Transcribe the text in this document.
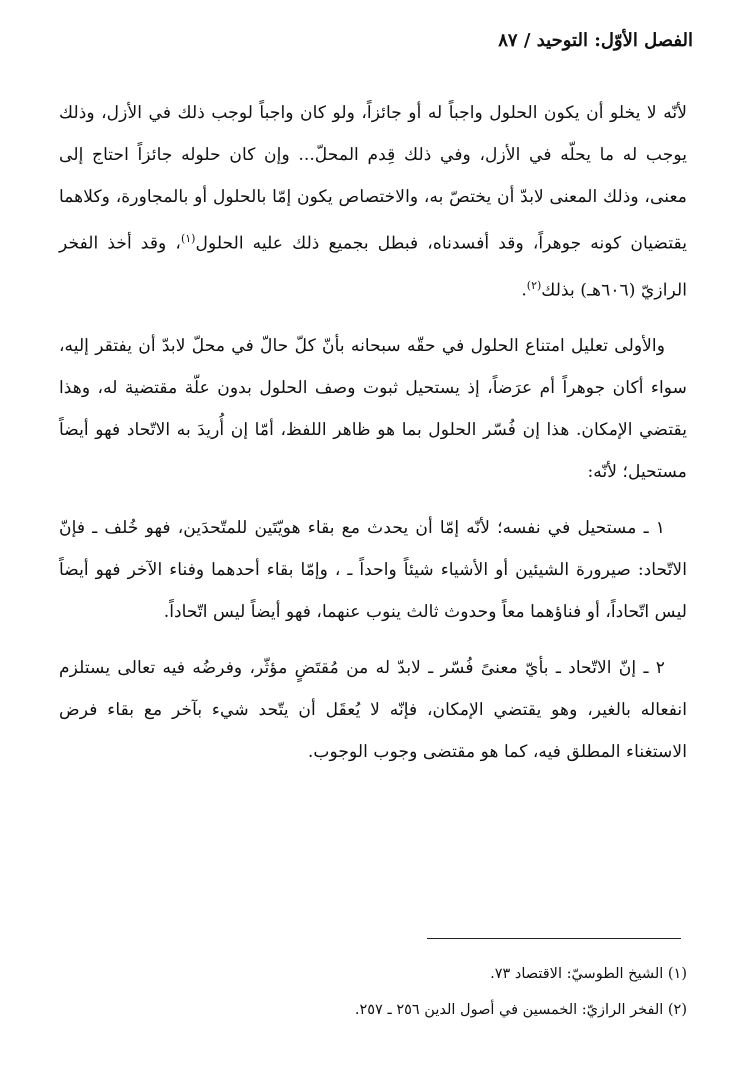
الفصل الأوّل: التوحيد / ٨٧

لأنّه لا يخلو أن يكون الحلول واجباً له أو جائزاً، ولو كان واجباً لوجب ذلك في الأزل، وذلك يوجب له ما يحلّه في الأزل، وفي ذلك قِدم المحلّ... وإن كان حلوله جائزاً احتاج إلى معنى، وذلك المعنى لابدّ أن يختصّ به، والاختصاص يكون إمّا بالحلول أو بالمجاورة، وكلاهما يقتضيان كونه جوهراً، وقد أفسدناه، فبطل بجميع ذلك عليه الحلول$^{(١)}$، وقد أخذ الفخر الرازيّ (٦٠٦هـ) بذلك$^{(٢)}$.

والأولى تعليل امتناع الحلول في حقّه سبحانه بأنّ كلّ حالّ في محلّ لابدّ أن يفتقر إليه، سواء أكان جوهراً أم عرَضاً، إذ يستحيل ثبوت وصف الحلول بدون علّة مقتضية له، وهذا يقتضي الإمكان. هذا إن فُسّر الحلول بما هو ظاهر اللفظ، أمّا إن أُريدَ به الاتّحاد فهو أيضاً مستحيل؛ لأنّه:

١ ـ مستحيل في نفسه؛ لأنّه إمّا أن يحدث مع بقاء هويّتَين للمتّحدَين، فهو خُلف ـ فإنّ الاتّحاد: صيرورة الشيئين أو الأشياء شيئاً واحداً ـ ، وإمّا بقاء أحدهما وفناء الآخر فهو أيضاً ليس اتّحاداً، أو فناؤهما معاً وحدوث ثالث ينوب عنهما، فهو أيضاً ليس اتّحاداً.

٢ ـ إنّ الاتّحاد ـ بأيّ معنىً فُسّر ـ لابدّ له من مُقتَضٍ مؤثّر، وفرضُه فيه تعالى يستلزم انفعاله بالغير، وهو يقتضي الإمكان، فإنّه لا يُعقَل أن يتّحد شيء بآخر مع بقاء فرض الاستغناء المطلق فيه، كما هو مقتضى وجوب الوجوب.

(١) الشيخ الطوسيّ: الاقتصاد ٧٣.

(٢) الفخر الرازيّ: الخمسين في أصول الدين ٢٥٦ ـ ٢٥٧.
